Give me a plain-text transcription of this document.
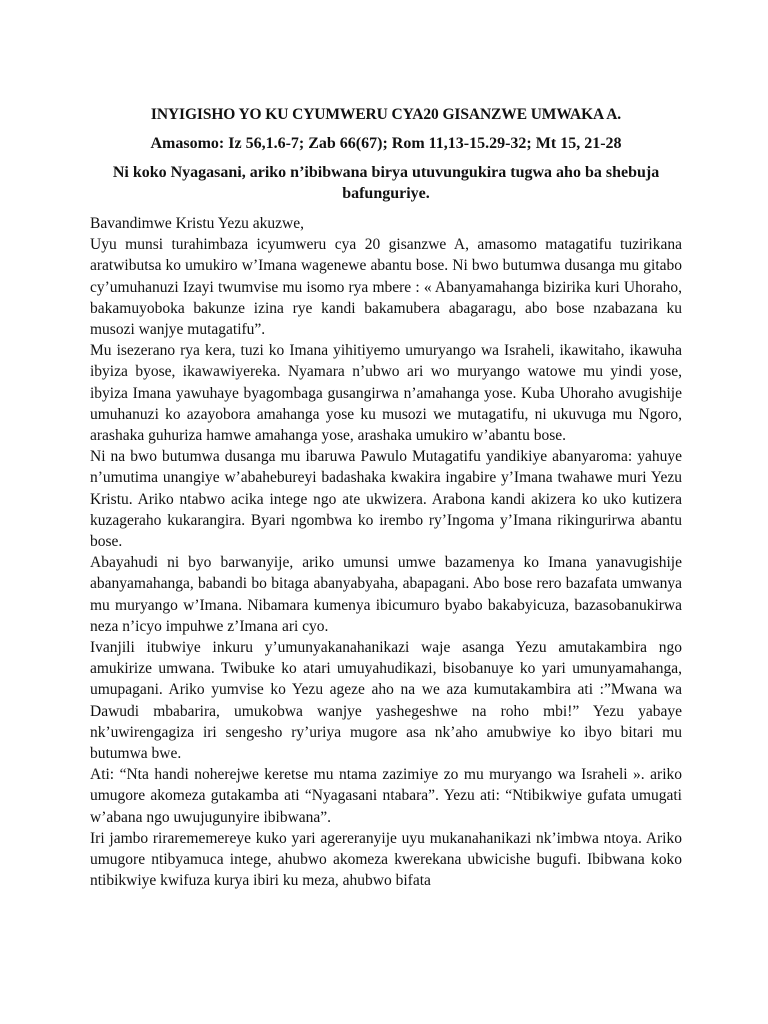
INYIGISHO YO KU CYUMWERU CYA20 GISANZWE UMWAKA A.
Amasomo: Iz 56,1.6-7; Zab 66(67); Rom 11,13-15.29-32; Mt 15, 21-28
Ni koko Nyagasani, ariko n’ibibwana birya utuvungukira tugwa aho ba shebuja bafunguriye.

Bavandimwe Kristu Yezu akuzwe,

Uyu munsi turahimbaza icyumweru cya 20 gisanzwe A, amasomo matagatifu tuzirikana aratwibutsa ko umukiro w’Imana wagenewe abantu bose. Ni bwo butumwa dusanga mu gitabo cy’umuhanuzi Izayi twumvise mu isomo rya mbere : « Abanyamahanga bizirika kuri Uhoraho, bakamuyoboka bakunze izina rye kandi bakamubera abagaragu, abo bose nzabazana ku musozi wanjye mutagatifu”.

Mu isezerano rya kera, tuzi ko Imana yihitiyemo umuryango wa Israheli, ikawitaho, ikawuha ibyiza byose, ikawawiyereka. Nyamara n’ubwo ari wo muryango watowe mu yindi yose, ibyiza Imana yawuhaye byagombaga gusangirwa n’amahanga yose. Kuba Uhoraho avugishije umuhanuzi ko azayobora amahanga yose ku musozi we mutagatifu, ni ukuvuga mu Ngoro, arashaka guhuriza hamwe amahanga yose, arashaka umukiro w’abantu bose.

Ni na bwo butumwa dusanga mu ibaruwa Pawulo Mutagatifu yandikiye abanyaroma: yahuye n’umutima unangiye w’abahebureyi badashaka kwakira ingabire y’Imana twahawe muri Yezu Kristu. Ariko ntabwo acika intege ngo ate ukwizera. Arabona kandi akizera ko uko kutizera kuzageraho kukarangira. Byari ngombwa ko irembo ry’Ingoma y’Imana rikingurirwa abantu bose.

Abayahudi ni byo barwanyije, ariko umunsi umwe bazamenya ko Imana yanavugishije abanyamahanga, babandi bo bitaga abanyabyaha, abapagani. Abo bose rero bazafata umwanya mu muryango w’Imana. Nibamara kumenya ibicumuro byabo bakabyicuza, bazasobanukirwa neza n’icyo impuhwe z’Imana ari cyo.

Ivanjili itubwiye inkuru y’umunyakanahanikazi waje asanga Yezu amutakambira ngo amukirize umwana. Twibuke ko atari umuyahudikazi, bisobanuye ko yari umunyamahanga, umupagani. Ariko yumvise ko Yezu ageze aho na we aza kumutakambira ati :”Mwana wa Dawudi mbabarira, umukobwa wanjye yashegeshwe na roho mbi!” Yezu yabaye nk’uwirengagiza iri sengesho ry’uriya mugore asa nk’aho amubwiye ko ibyo bitari mu butumwa bwe.

Ati: “Nta handi noherejwe keretse mu ntama zazimiye zo mu muryango wa Israheli ». ariko umugore akomeza gutakamba ati “Nyagasani ntabara”. Yezu ati: “Ntibikwiye gufata umugati w’abana ngo uwujugunyire ibibwana”.

Iri jambo rirarememereye kuko yari agereranyije uyu mukanahanikazi nk’imbwa ntoya. Ariko umugore ntibyamuca intege, ahubwo akomeza kwerekana ubwicishe bugufi. Ibibwana koko ntibikwiye kwifuza kurya ibiri ku meza, ahubwo bifata
